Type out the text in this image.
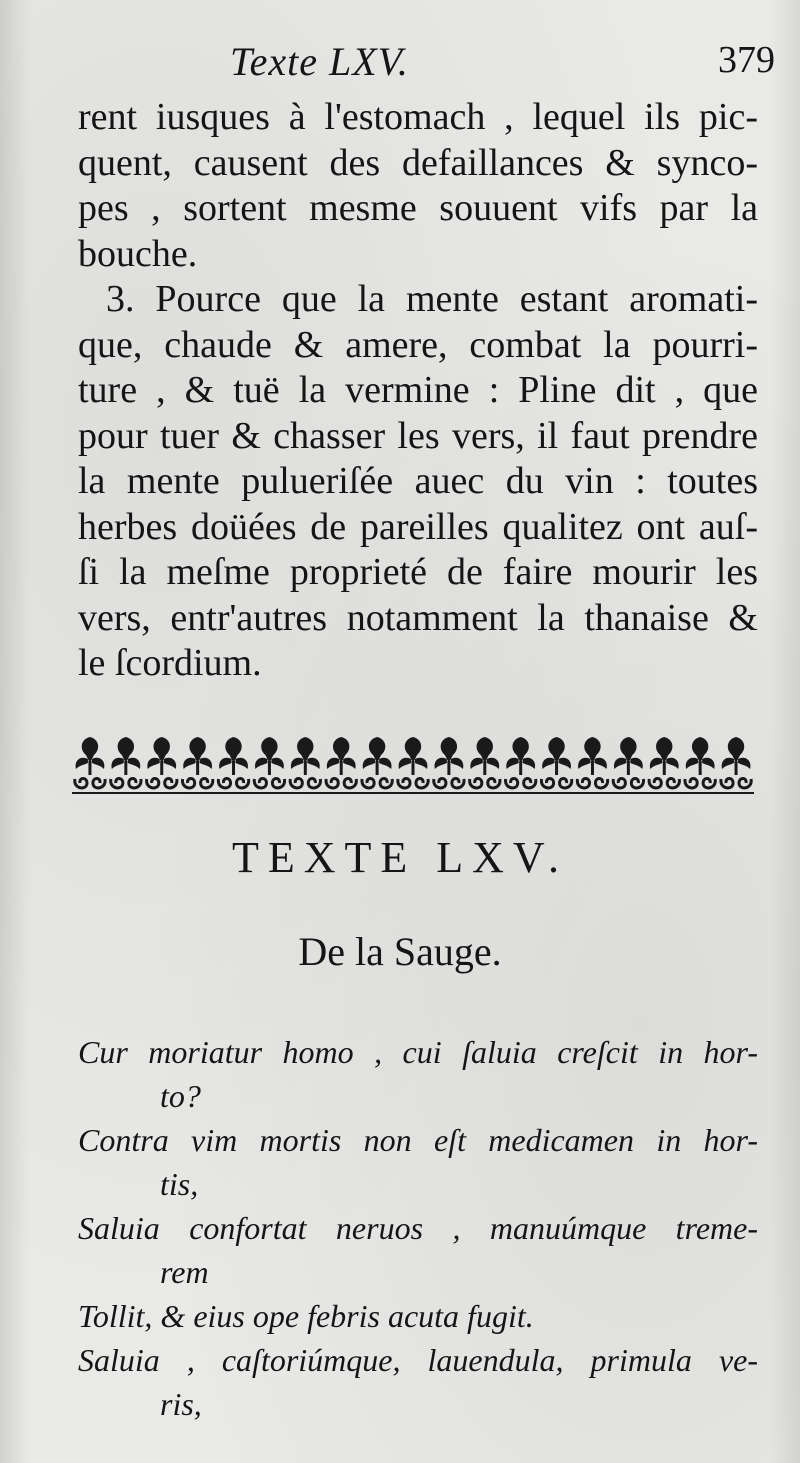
Texte LXV.	379
rent iusques à l'estomach , lequel ils pic-
quent, causent des defaillances & synco-
pes , sortent mesme souuent vifs par la
bouche.
3. Pource que la mente estant aromati-
que, chaude & amere, combat la pourri-
ture , & tuë la vermine : Pline dit , que
pour tuer & chasser les vers, il faut prendre
la mente pulueriſée auec du vin : toutes
herbes doüées de pareilles qualitez ont auſ-
ſi la meſme proprieté de faire mourir les
vers, entr'autres notamment la thanaise &
le ſcordium.
TEXTE LXV.
De la Sauge.
Cur moriatur homo , cui ſaluia creſcit in hor-
to?
Contra vim mortis non eſt medicamen in hor-
tis,
Saluia confortat neruos , manuúmque treme-
rem
Tollit, & eius ope febris acuta fugit.
Saluia , caſtoriúmque, lauendula, primula ve-
ris,
